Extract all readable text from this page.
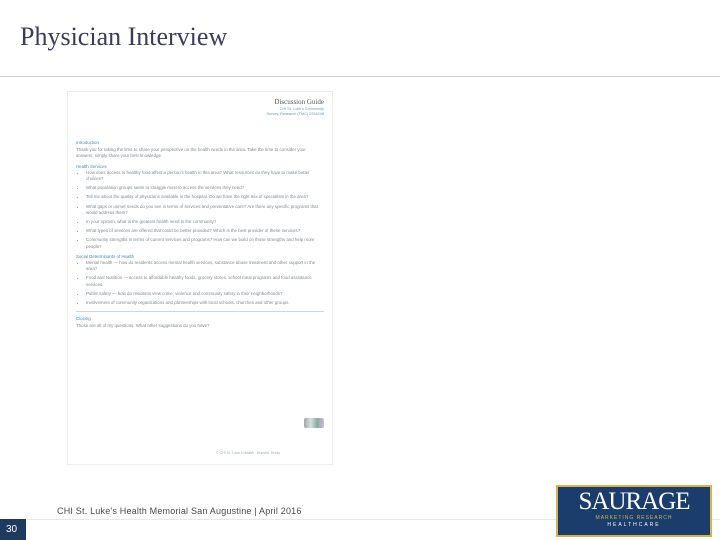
Physician Interview
Discussion Guide
CHI St. Luke's Community
Survey, Research (TMC) 0316248
Introduction
Thank you for taking the time to share your perspective on the health needs in the area. Take the time to consider your answers; simply share your best knowledge.
Health Services
• How does access to healthy food affect a person's health in this area? What resources do they have to make better choices?
• What population groups seem to struggle most to access the services they need?
• Tell me about the quality of physicians available in the hospital. Do we have the right mix of specialists in the area?
• What gaps or unmet needs do you see in terms of services and preventative care? Are there any specific programs that would address them?
• In your opinion, what is the greatest health need in the community?
• What types of services are offered that could be better provided? Which is the best provider of these services?
• Community strengths in terms of current services and programs? How can we build on those strengths and help more people?
Social Determinants of Health
• Mental health — how do residents access mental health services, substance abuse treatment and other support in the area?
• Food and Nutrition — access to affordable healthy foods, grocery stores, school meal programs and food assistance services.
• Public safety — how do residents view crime, violence and community safety in their neighborhoods?
• Involvement of community organizations and partnerships with local schools, churches and other groups.
Closing
Those are all of my questions. What other suggestions do you have?
© CHI St. Luke's Health · Burnett, Texas
CHI St. Luke's Health Memorial San Augustine | April 2016
30
SAURAGE
MARKETING RESEARCH
HEALTHCARE
